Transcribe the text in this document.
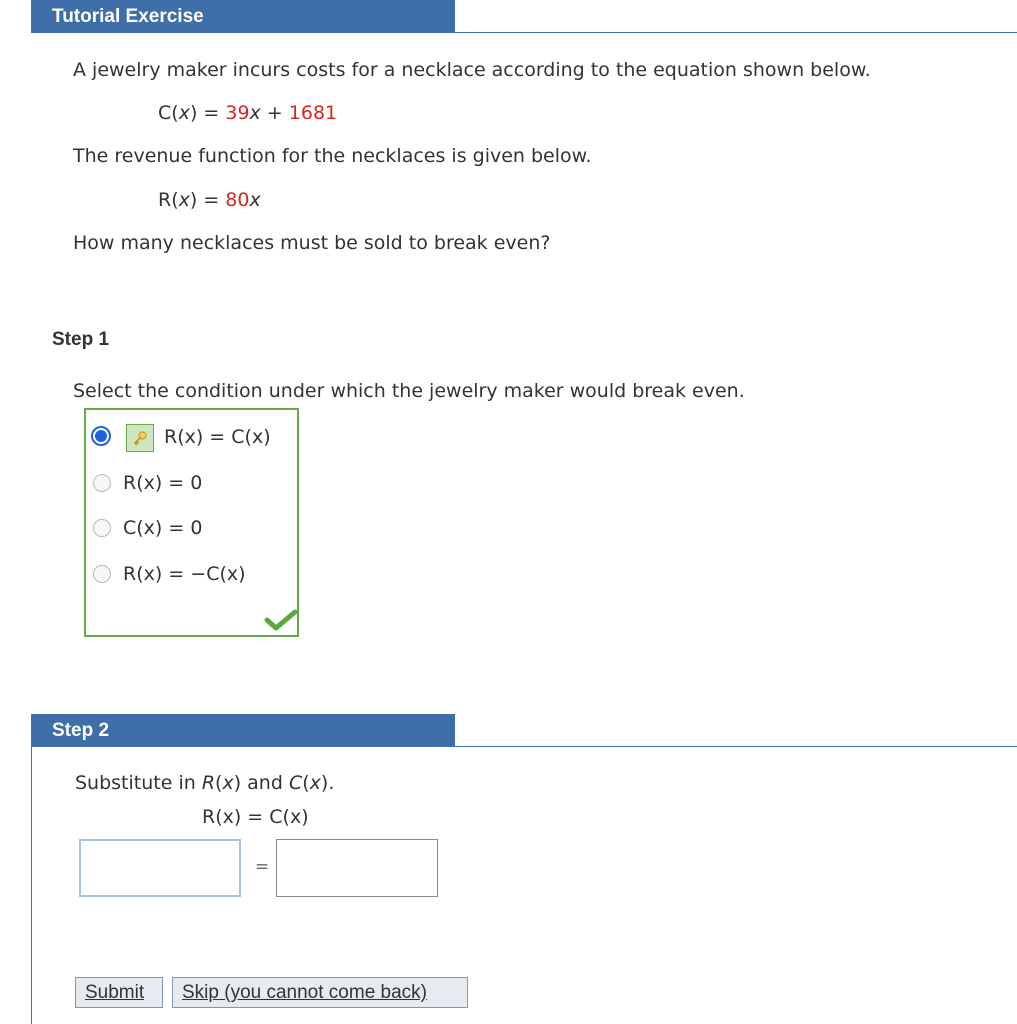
Tutorial Exercise
A jewelry maker incurs costs for a necklace according to the equation shown below.
C(x) = 39x + 1681
The revenue function for the necklaces is given below.
R(x) = 80x
How many necklaces must be sold to break even?
Step 1
Select the condition under which the jewelry maker would break even.
R(x) = C(x)
R(x) = 0
C(x) = 0
R(x) = −C(x)
Step 2
Substitute in R(x) and C(x).
R(x) = C(x)
=
Submit	Skip (you cannot come back)
